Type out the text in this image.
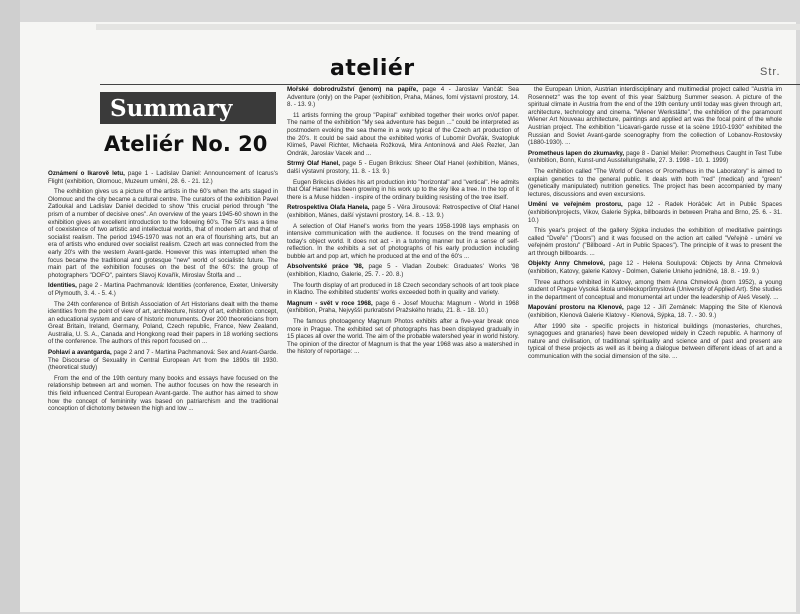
ateliér	Str.
Summary
Ateliér No. 20

Oznámení o Ikarově letu, page 1 - Ladislav Daniel: Announcement of Icarus's Flight (exhibition, Olomouc, Muzeum umění, 28. 6. - 21. 12.)

The exhibition gives us a picture of the artists in the 60's when the arts staged in Olomouc and the city became a cultural centre. The curators of the exhibition Pavel Zatloukal and Ladislav Daniel decided to show "this crucial period through "the prism of a number of decisive ones". An overview of the years 1945-60 shown in the exhibition gives an excellent introduction to the following 60's. The 50's was a time of coexistence of two artistic and intellectual worlds, that of modern art and that of socialist realism. The period 1945-1970 was not an era of flourishing arts, but an era of artists who endured over socialist realism. Czech art was connected from the early 20's with the western Avant-garde. However this was interrupted when the focus became the traditional and grotesque "new" world of socialistic future. The main part of the exhibition focuses on the best of the 60's: the group of photographers "DOFO", painters Slavoj Kovařík, Miroslav Štolfa and ...

Identities, page 2 - Martina Pachmanová: Identities (conference, Exeter, University of Plymouth, 3. 4. - 5. 4.)

The 24th conference of British Association of Art Historians dealt with the theme identities from the point of view of art, architecture, history of art, exhibition concept, an educational system and care of historic monuments. Over 200 theoreticians from Great Britain, Ireland, Germany, Poland, Czech republic, France, New Zealand, Australia, U. S. A., Canada and Hongkong read their papers in 18 working sections of the conference. The authors of this report focused on ...

Pohlaví a avantgarda, page 2 and 7 - Martina Pachmanová: Sex and Avant-Garde. The Discourse of Sexuality in Central European Art from the 1890s till 1930. (theoretical study)

From the end of the 19th century many books and essays have focused on the relationship between art and women. The author focuses on how the research in this field influenced Central European Avant-garde. The author has aimed to show how the concept of femininity was based on patriarchism and the traditional conception of dichotomy between the high and low ...

Mořské dobrodružství (jenom) na papíře, page 4 - Jaroslav Vančát: Sea Adventure (only) on the Paper (exhibition, Praha, Mánes, fomí výstavní prostory, 14. 8. - 13. 9.)

11 artists forming the group "Papíral" exhibited together their works on/of paper. The name of the exhibition "My sea adventure has begun ..." could be interpreted as postmodern evoking the sea theme in a way typical of the Czech art production of the 20's. It could be said about the exhibited works of Lubomír Dvořák, Svatopluk Klimeš, Pavel Richter, Michaela Rožková, Mira Antonínová and Aleš Rezler, Jan Ondrák, Jaroslav Vacek and ...

Strmý Olaf Hanel, page 5 - Eugen Brikcius: Sheer Olaf Hanel (exhibition, Mánes, další výstavní prostory, 11. 8. - 13. 9.)

Eugen Brikcius divides his art production into "horizontal" and "vertical". He admits that Olaf Hanel has been growing in his work up to the sky like a tree. In the top of it there is a Muse hidden - inspire of the ordinary building resisting of the tree itself.

Retrospektiva Olafa Hanela, page 5 - Věra Jirousová: Retrospective of Olaf Hanel (exhibition, Mánes, další výstavní prostory, 14. 8. - 13. 9.)

A selection of Olaf Hanel's works from the years 1958-1998 lays emphasis on intensive communication with the audience. It focuses on the trend meaning of today's object world. It does not act - in a tutoring manner but in a sense of self-reflection. In the exhibits a set of photographs of his early production including bubble art and pop art, which he produced at the end of the 60's ...

Absolventské práce '98, page 5 - Vladan Zoubek: Graduates' Works '98 (exhibition, Kladno, Galerie, 25. 7. - 20. 8.)

The fourth display of art produced in 18 Czech secondary schools of art took place in Kladno. The exhibited students' works exceeded both in quality and variety.

Magnum - svět v roce 1968, page 6 - Josef Moucha: Magnum - World in 1968 (exhibition, Praha, Nejvyšší purkrabství Pražského hradu, 21. 8. - 18. 10.)

The famous photoagency Magnum Photos exhibits after a five-year break once more in Prague. The exhibited set of photographs has been displayed gradually in 15 places all over the world. The aim of the probable watershed year in world history. The opinion of the director of Magnum is that the year 1968 was also a watershed in the history of reportage: ...

the European Union, Austrian interdisciplinary and multimedial project called "Austria im Rosennetz" was the top event of this year Salzburg Summer season. A picture of the spiritual climate in Austria from the end of the 19th century until today was given through art, architecture, technology and cinema. "Wiener Werkstätte", the exhibition of the paramount Wiener Art Nouveau architecture, paintings and applied art was the focal point of the whole Austrian project. The exhibition "Licavari-garde russe et la scène 1910-1930" exhibited the Russian and Soviet Avant-garde scenography from the collection of Lobanov-Rostovsky (1880-1930). ...

Prometheus lapen do zkumavky, page 8 - Daniel Meiler: Prometheus Caught in Test Tube (exhibition, Bonn, Kunst-und Ausstellungshalle, 27. 3. 1998 - 10. 1. 1999)

The exhibition called "The World of Genes or Prometheus in the Laboratory" is aimed to explain genetics to the general public. It deals with both "red" (medical) and "green" (genetically manipulated) nutrition genetics. The project has been accompanied by many lectures, discussions and even excursions.

Umění ve veřejném prostoru, page 12 - Radek Horáček: Art in Public Spaces (exhibition/projects, Vikov, Galerie Sýpka, billboards in between Praha and Brno, 25. 6. - 31. 10.)

This year's project of the gallery Sýpka includes the exhibition of meditative paintings called "Dveře" ("Doors") and it was focused on the action art called "Veřejně - umění ve veřejném prostoru" ("Billboard - Art in Public Spaces"). The principle of it was to present the art through billboards. ...

Objekty Anny Chmelové, page 12 - Helena Soulupová: Objects by Anna Chmelová (exhibition, Katovy, galerie Katovy - Dolmen, Galerie Unieho jedničné, 18. 8. - 19. 9.)

Three authors exhibited in Katovy, among them Anna Chmelová (born 1952), a young student of Prague Vysoká škola uměleckoprůmyslová (University of Applied Art). She studies in the department of conceptual and monumental art under the leadership of Aleš Veselý. ...

Mapování prostoru na Klenové, page 12 - Jiří Zemánek: Mapping the Site of Klenová (exhibition, Klenová Galerie Klatovy - Klenová, Sýpka, 18. 7. - 30. 9.)

After 1990 site - specific projects in historical buildings (monasteries, churches, synagogues and granaries) have been developed widely in Czech republic. A harmony of nature and civilisation, of traditional spirituality and science and of past and present are typical of these projects as well as it being a dialogue between different ideas of art and a communication with the social dimension of the site. ...
